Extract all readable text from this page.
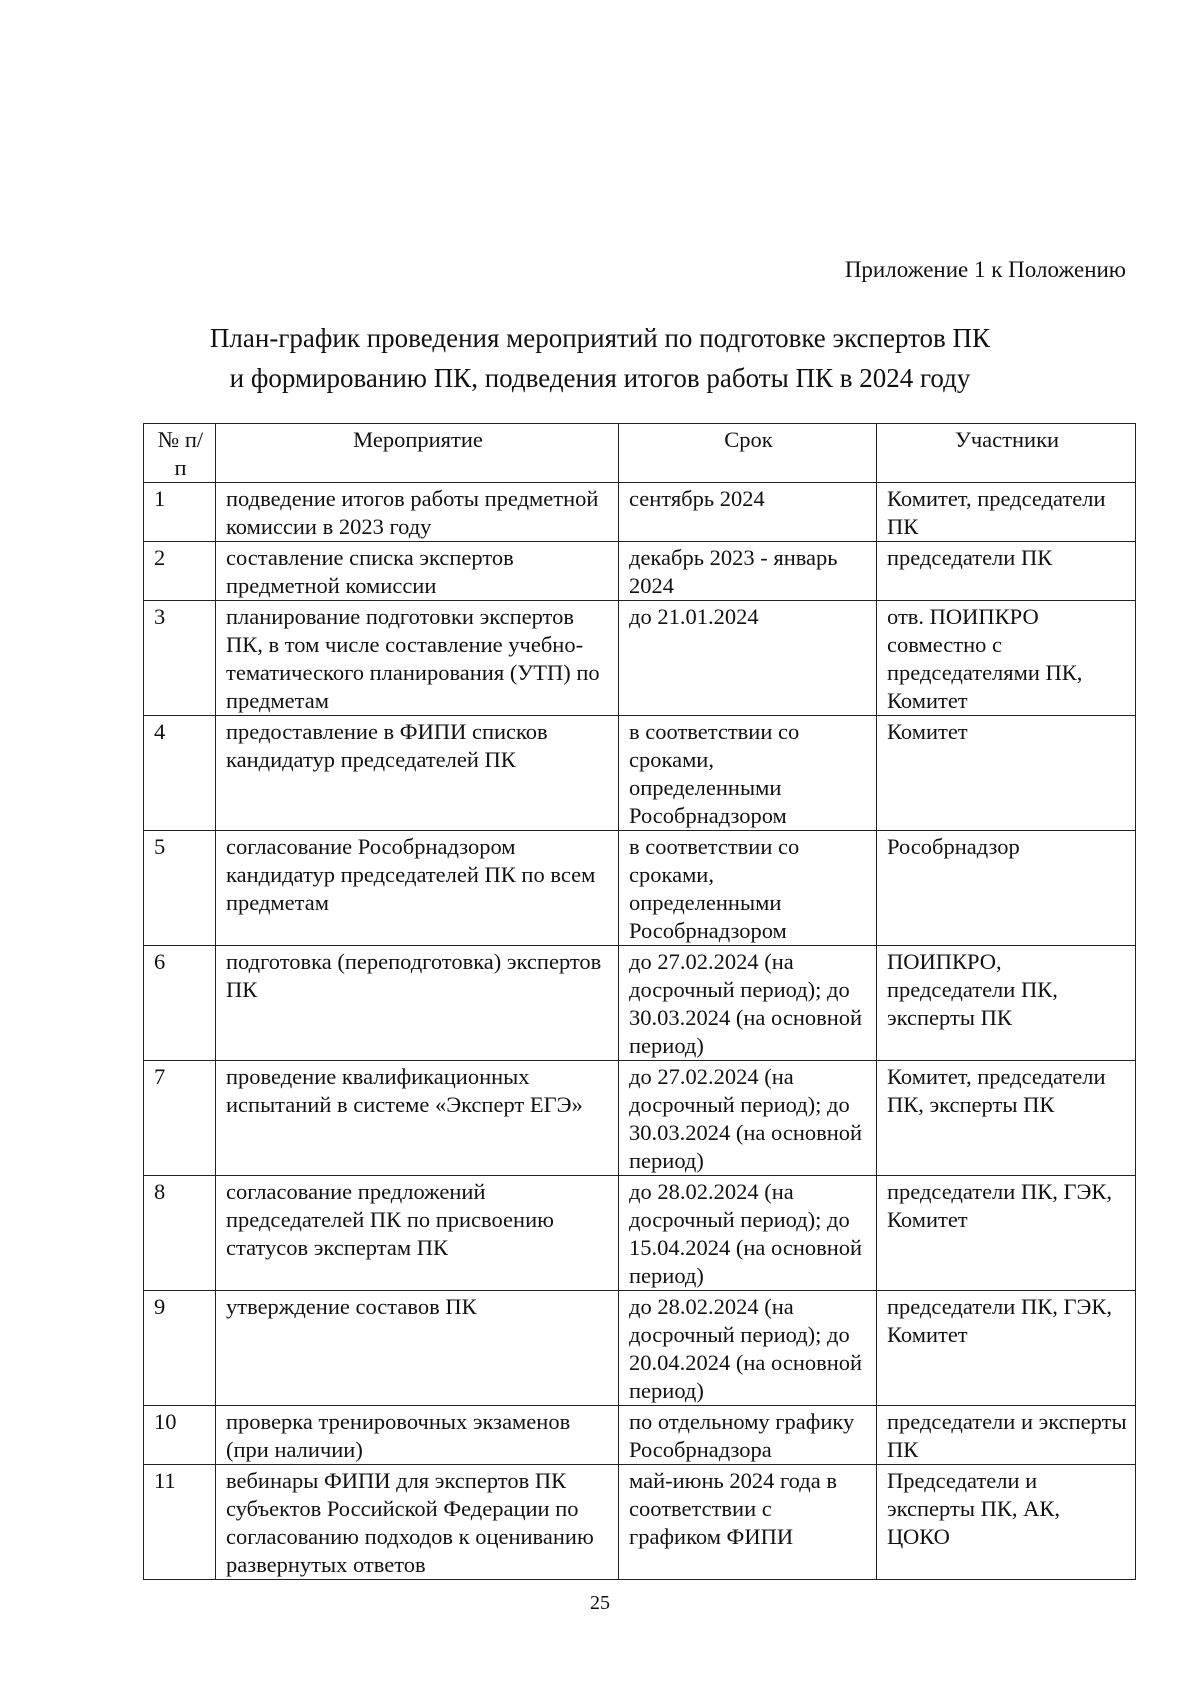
Приложение 1 к Положению
План-график проведения мероприятий по подготовке экспертов ПК
и формированию ПК, подведения итогов работы ПК в 2024 году
№ п/п	Мероприятие	Срок	Участники
1	подведение итогов работы предметной комиссии в 2023 году	сентябрь 2024	Комитет, председатели ПК
2	составление списка экспертов предметной комиссии	декабрь 2023 - январь 2024	председатели ПК
3	планирование подготовки экспертов ПК, в том числе составление учебно-тематического планирования (УТП) по предметам	до 21.01.2024	отв. ПОИПКРО совместно с председателями ПК, Комитет
4	предоставление в ФИПИ списков кандидатур председателей ПК	в соответствии со сроками, определенными Рособрнадзором	Комитет
5	согласование Рособрнадзором кандидатур председателей ПК по всем предметам	в соответствии со сроками, определенными Рособрнадзором	Рособрнадзор
6	подготовка (переподготовка) экспертов ПК	до 27.02.2024 (на досрочный период); до 30.03.2024 (на основной период)	ПОИПКРО, председатели ПК, эксперты ПК
7	проведение квалификационных испытаний в системе «Эксперт ЕГЭ»	до 27.02.2024 (на досрочный период); до 30.03.2024 (на основной период)	Комитет, председатели ПК, эксперты ПК
8	согласование предложений председателей ПК по присвоению статусов экспертам ПК	до 28.02.2024 (на досрочный период); до 15.04.2024 (на основной период)	председатели ПК, ГЭК, Комитет
9	утверждение составов ПК	до 28.02.2024 (на досрочный период); до 20.04.2024 (на основной период)	председатели ПК, ГЭК, Комитет
10	проверка тренировочных экзаменов (при наличии)	по отдельному графику Рособрнадзора	председатели и эксперты ПК
11	вебинары ФИПИ для экспертов ПК субъектов Российской Федерации по согласованию подходов к оцениванию развернутых ответов	май-июнь 2024 года в соответствии с графиком ФИПИ	Председатели и эксперты ПК, АК, ЦОКО
25
